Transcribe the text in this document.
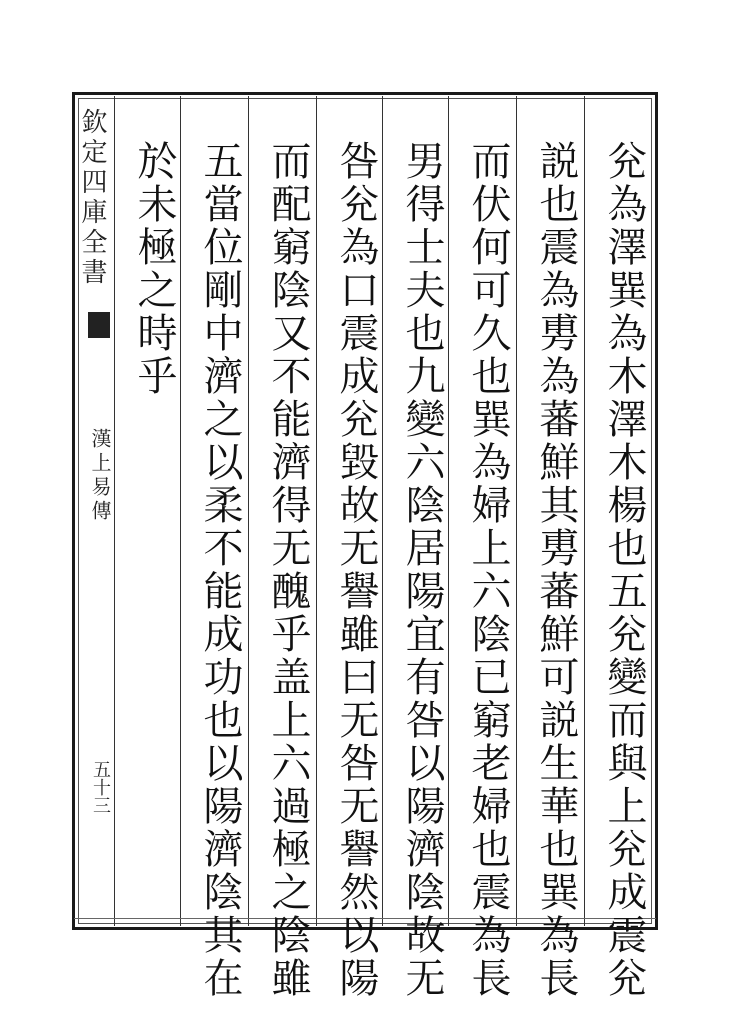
欽定四庫全書
漢上易傳
五十三	兊為澤巽為木澤木楊也五兊變而與上兊成震兊
説也震為旉為蕃鮮其旉蕃鮮可説生華也巽為長
而伏何可久也巽為婦上六陰已窮老婦也震為長
男得士夫也九變六陰居陽宜有咎以陽濟陰故无
咎兊為口震成兊毀故无譽雖曰无咎无譽然以陽
而配窮陰又不能濟得无醜乎盖上六過極之陰雖
五當位剛中濟之以柔不能成功也以陽濟陰其在
於未極之時乎
